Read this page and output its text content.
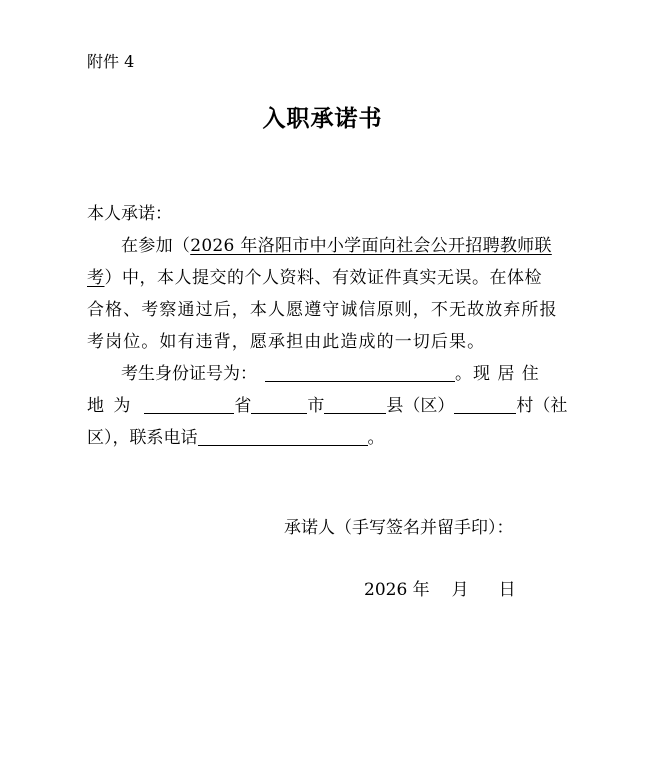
附件 4
入职承诺书
本人承诺：
在参加（2026 年洛阳市中小学面向社会公开招聘教师联
考）中，本人提交的个人资料、有效证件真实无误。在体检
合格、考察通过后，本人愿遵守诚信原则，不无故放弃所报
考岗位。如有违背，愿承担由此造成的一切后果。
考生身份证号为：	。现 居 住
地 为	省	市	县（区）	村（社
区），联系电话	。
承诺人（手写签名并留手印）：
2026 年 月 日
